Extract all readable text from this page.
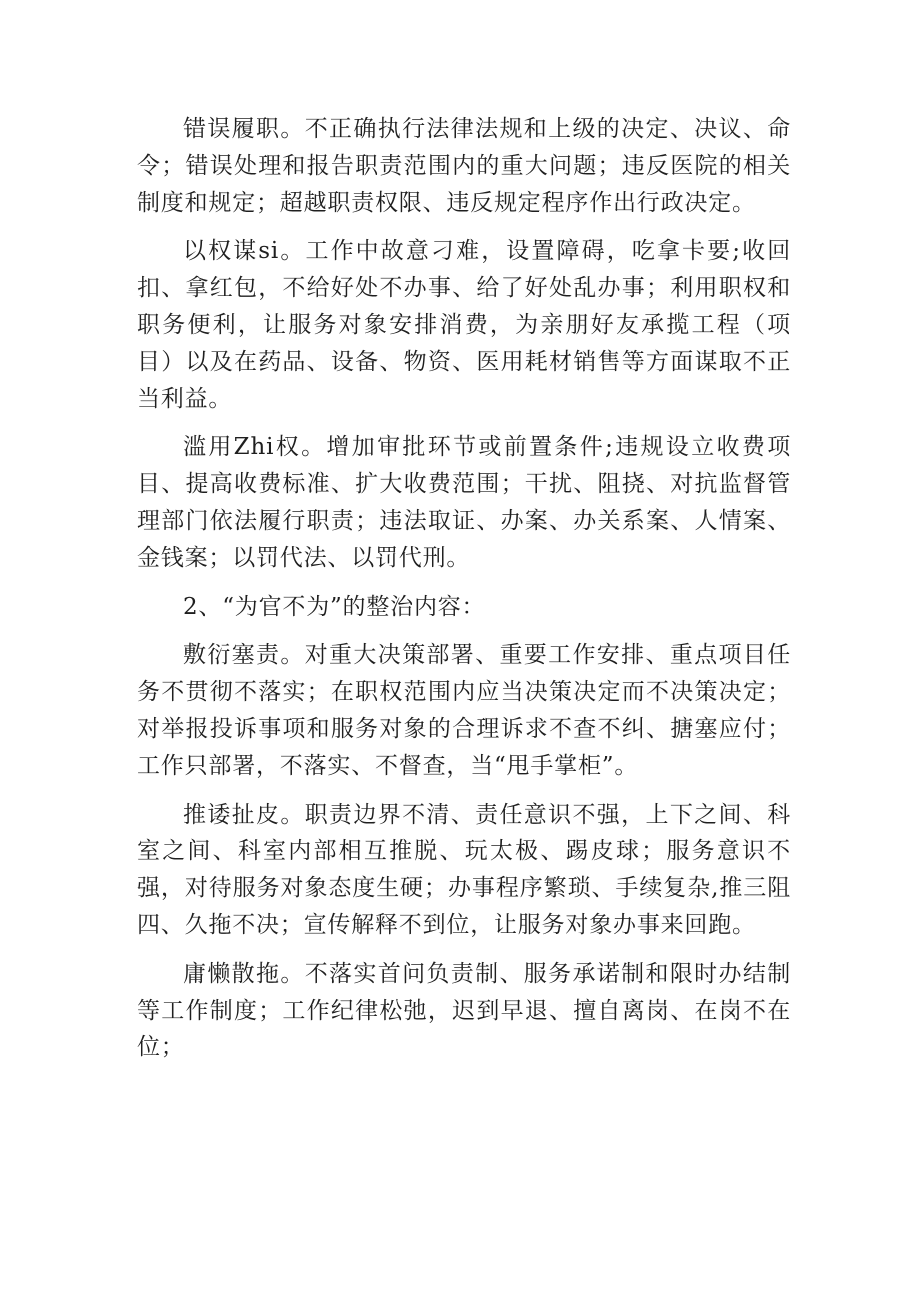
错误履职。不正确执行法律法规和上级的决定、决议、命令；错误处理和报告职责范围内的重大问题；违反医院的相关制度和规定；超越职责权限、违反规定程序作出行政决定。

以权谋si。工作中故意刁难，设置障碍，吃拿卡要;收回扣、拿红包，不给好处不办事、给了好处乱办事；利用职权和职务便利，让服务对象安排消费，为亲朋好友承揽工程（项目）以及在药品、设备、物资、医用耗材销售等方面谋取不正当利益。

滥用Zhi权。增加审批环节或前置条件;违规设立收费项目、提高收费标准、扩大收费范围；干扰、阻挠、对抗监督管理部门依法履行职责；违法取证、办案、办关系案、人情案、金钱案；以罚代法、以罚代刑。

2、“为官不为”的整治内容：

敷衍塞责。对重大决策部署、重要工作安排、重点项目任务不贯彻不落实；在职权范围内应当决策决定而不决策决定；对举报投诉事项和服务对象的合理诉求不查不纠、搪塞应付；工作只部署，不落实、不督查，当“甩手掌柜”。

推诿扯皮。职责边界不清、责任意识不强，上下之间、科室之间、科室内部相互推脱、玩太极、踢皮球；服务意识不强，对待服务对象态度生硬；办事程序繁琐、手续复杂,推三阻四、久拖不决；宣传解释不到位，让服务对象办事来回跑。

庸懒散拖。不落实首问负责制、服务承诺制和限时办结制等工作制度；工作纪律松弛，迟到早退、擅自离岗、在岗不在位；
